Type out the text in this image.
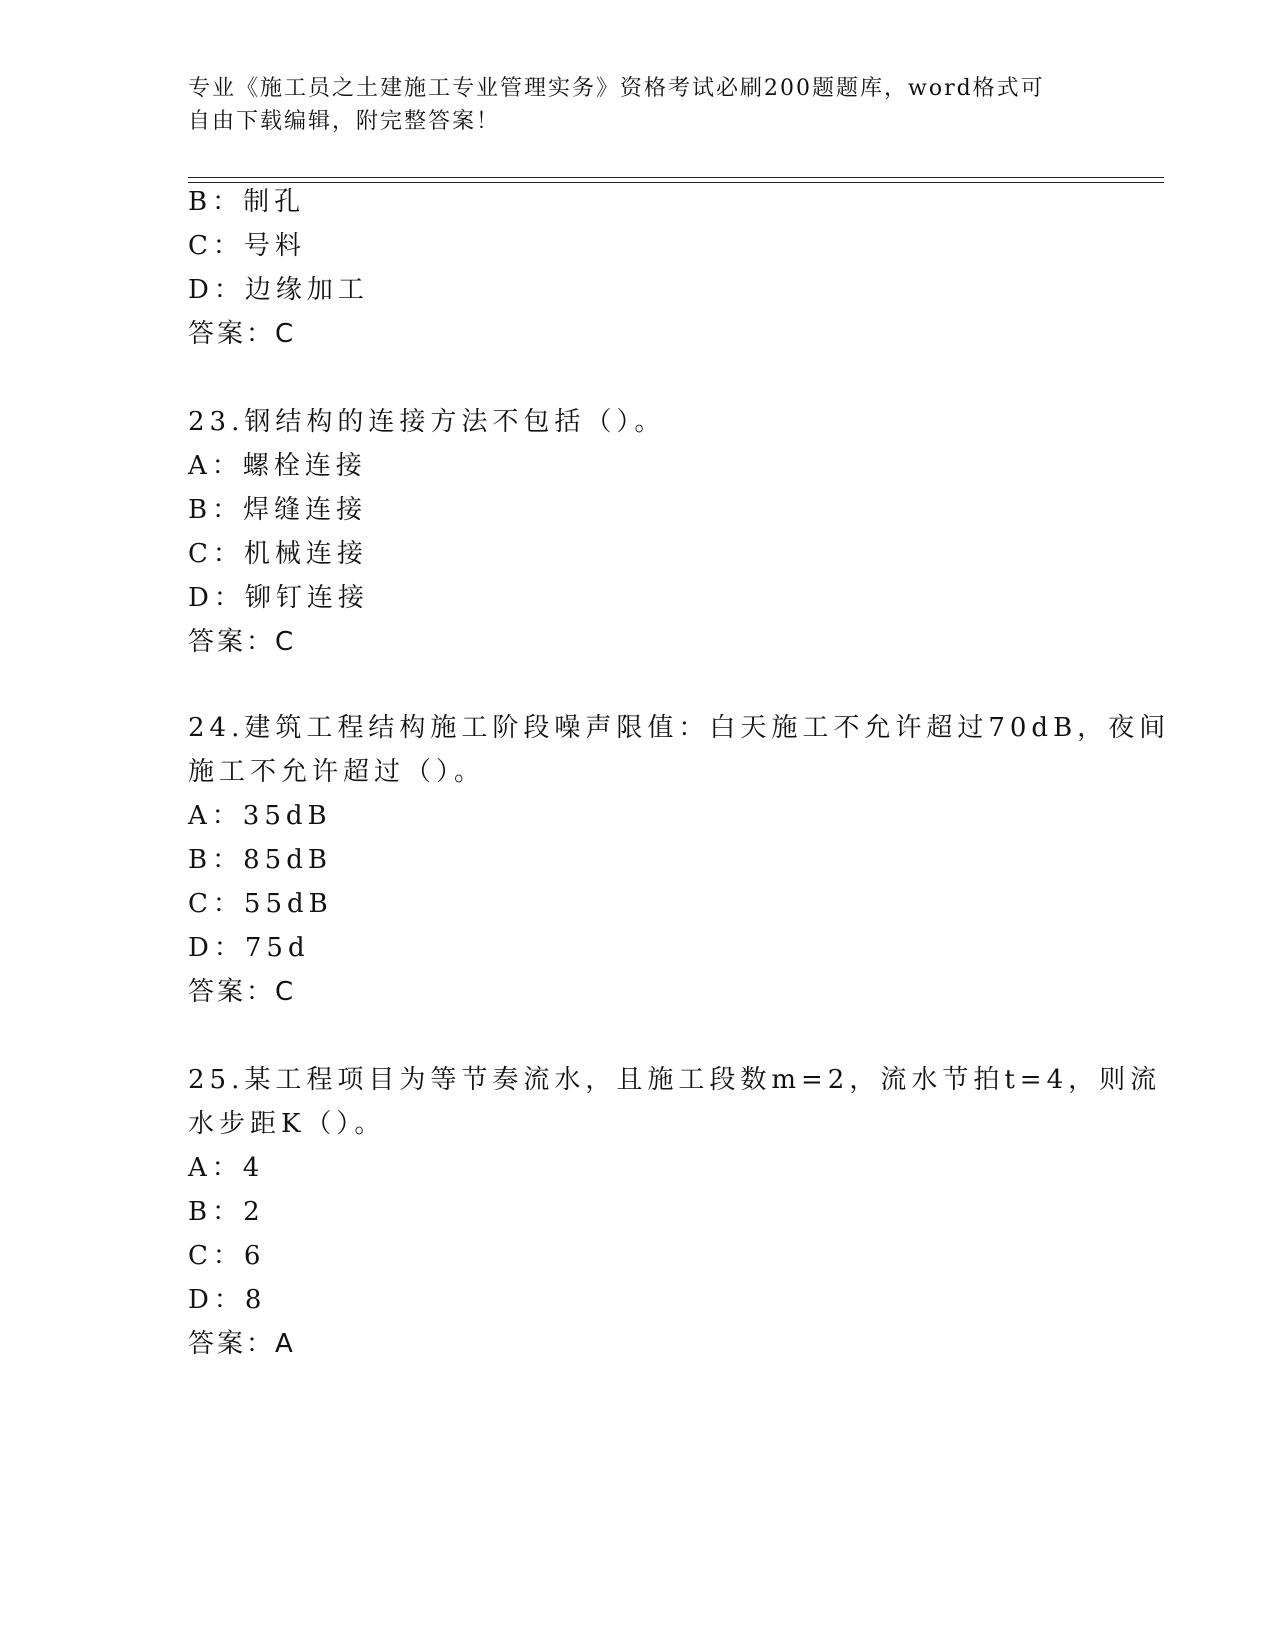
专业《施工员之土建施工专业管理实务》资格考试必刷200题题库，word格式可
自由下载编辑，附完整答案！
B：制孔
C：号料
D：边缘加工
答案：C
23.钢结构的连接方法不包括（）。
A：螺栓连接
B：焊缝连接
C：机械连接
D：铆钉连接
答案：C
24.建筑工程结构施工阶段噪声限值：白天施工不允许超过70dB，夜间
施工不允许超过（）。
A：35dB
B：85dB
C：55dB
D：75d
答案：C
25.某工程项目为等节奏流水，且施工段数m=2，流水节拍t=4，则流
水步距K（）。
A：4
B：2
C：6
D：8
答案：A
